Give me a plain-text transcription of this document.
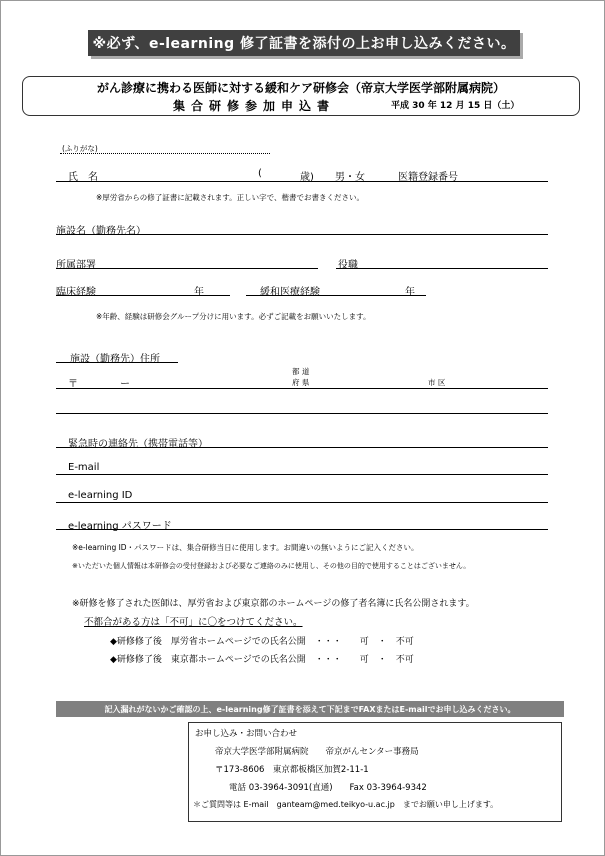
※必ず、e-learning 修了証書を添付の上お申し込みください。
がん診療に携わる医師に対する緩和ケア研修会（帝京大学医学部附属病院）
集合研修参加申込書	平成 30 年 12 月 15 日（土）
(ふりがな)
氏　名	(	歳) 男・女	医籍登録番号
※厚労省からの修了証書に記載されます。正しい字で、楷書でお書きください。
施設名（勤務先名）
所属部署	役職
臨床経験	年	緩和医療経験	年
※年齢、経験は研修会グループ分けに用います。必ずご記載をお願いいたします。
施設（勤務先）住所
都 道
府 県
〒	ー	市 区
緊急時の連絡先（携帯電話等）
E-mail
e-learning ID
e-learning パスワード
※e-learning ID・パスワードは、集合研修当日に使用します。お間違いの無いようにご記入ください。
※いただいた個人情報は本研修会の受付登録および必要なご連絡のみに使用し、その他の目的で使用することはございません。
※研修を修了された医師は、厚労省および東京都のホームページの修了者名簿に氏名公開されます。
不都合がある方は「不可」に〇をつけてください。
◆研修修了後　厚労省ホームページでの氏名公開　・・・　　可　・　不可
◆研修修了後　東京都ホームページでの氏名公開　・・・　　可　・　不可
記入漏れがないかご確認の上、e-learning修了証書を添えて下記までFAXまたはE-mailでお申し込みください。
お申し込み・お問い合わせ
帝京大学医学部附属病院　　帝京がんセンター事務局
〒173-8606　東京都板橋区加賀2-11-1
電話 03-3964-3091(直通)　　Fax 03-3964-9342
＊ご質問等は E-mail　ganteam@med.teikyo-u.ac.jp　までお願い申し上げます。
